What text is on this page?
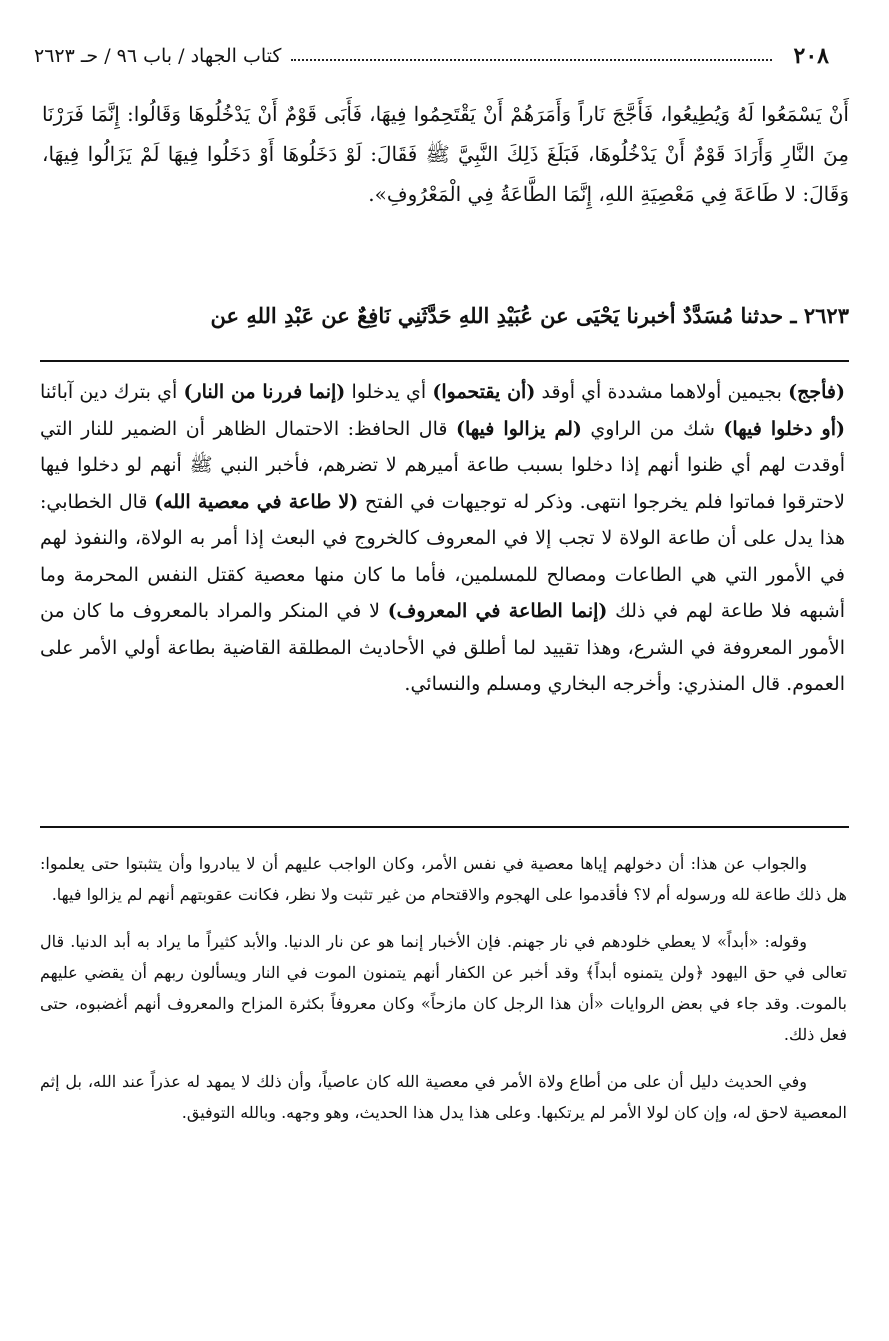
٢٠٨
كتاب الجهاد / باب ٩٦ / حـ ٢٦٢٣

أَنْ يَسْمَعُوا لَهُ وَيُطِيعُوا، فَأَجَّجَ نَاراً وَأَمَرَهُمْ أَنْ يَقْتَحِمُوا فِيهَا، فَأَبَى قَوْمٌ أَنْ يَدْخُلُوهَا وَقَالُوا: إِنَّمَا فَرَرْنَا مِنَ النَّارِ وَأَرَادَ قَوْمٌ أَنْ يَدْخُلُوهَا، فَبَلَغَ ذَلِكَ النَّبِيَّ ﷺ فَقَالَ: لَوْ دَخَلُوهَا أَوْ دَخَلُوا فِيهَا لَمْ يَزَالُوا فِيهَا، وَقَالَ: لا طَاعَةَ فِي مَعْصِيَةِ اللهِ، إِنَّمَا الطَّاعَةُ فِي الْمَعْرُوفِ».

٢٦٢٣ ـ حدثنا مُسَدَّدٌ أخبرنا يَحْيَى عن عُبَيْدِ اللهِ حَدَّثَنِي نَافِعٌ عن عَبْدِ اللهِ عن

(فأجج) بجيمين أولاهما مشددة أي أوقد (أن يقتحموا) أي يدخلوا (إنما فررنا من النار) أي بترك دين آبائنا (أو دخلوا فيها) شك من الراوي (لم يزالوا فيها) قال الحافظ: الاحتمال الظاهر أن الضمير للنار التي أوقدت لهم أي ظنوا أنهم إذا دخلوا بسبب طاعة أميرهم لا تضرهم، فأخبر النبي ﷺ أنهم لو دخلوا فيها لاحترقوا فماتوا فلم يخرجوا انتهى. وذكر له توجيهات في الفتح (لا طاعة في معصية الله) قال الخطابي: هذا يدل على أن طاعة الولاة لا تجب إلا في المعروف كالخروج في البعث إذا أمر به الولاة، والنفوذ لهم في الأمور التي هي الطاعات ومصالح للمسلمين، فأما ما كان منها معصية كقتل النفس المحرمة وما أشبهه فلا طاعة لهم في ذلك (إنما الطاعة في المعروف) لا في المنكر والمراد بالمعروف ما كان من الأمور المعروفة في الشرع، وهذا تقييد لما أطلق في الأحاديث المطلقة القاضية بطاعة أولي الأمر على العموم. قال المنذري: وأخرجه البخاري ومسلم والنسائي.

والجواب عن هذا: أن دخولهم إياها معصية في نفس الأمر، وكان الواجب عليهم أن لا يبادروا وأن يتثبتوا حتى يعلموا: هل ذلك طاعة لله ورسوله أم لا؟ فأقدموا على الهجوم والاقتحام من غير تثبت ولا نظر، فكانت عقوبتهم أنهم لم يزالوا فيها.

وقوله: «أبداً» لا يعطي خلودهم في نار جهنم. فإن الأخبار إنما هو عن نار الدنيا. والأبد كثيراً ما يراد به أبد الدنيا. قال تعالى في حق اليهود ﴿ولن يتمنوه أبداً﴾ وقد أخبر عن الكفار أنهم يتمنون الموت في النار ويسألون ربهم أن يقضي عليهم بالموت. وقد جاء في بعض الروايات «أن هذا الرجل كان مازحاً» وكان معروفاً بكثرة المزاح والمعروف أنهم أغضبوه، حتى فعل ذلك.

وفي الحديث دليل أن على من أطاع ولاة الأمر في معصية الله كان عاصياً، وأن ذلك لا يمهد له عذراً عند الله، بل إثم المعصية لاحق له، وإن كان لولا الأمر لم يرتكبها. وعلى هذا يدل هذا الحديث، وهو وجهه. وبالله التوفيق.
